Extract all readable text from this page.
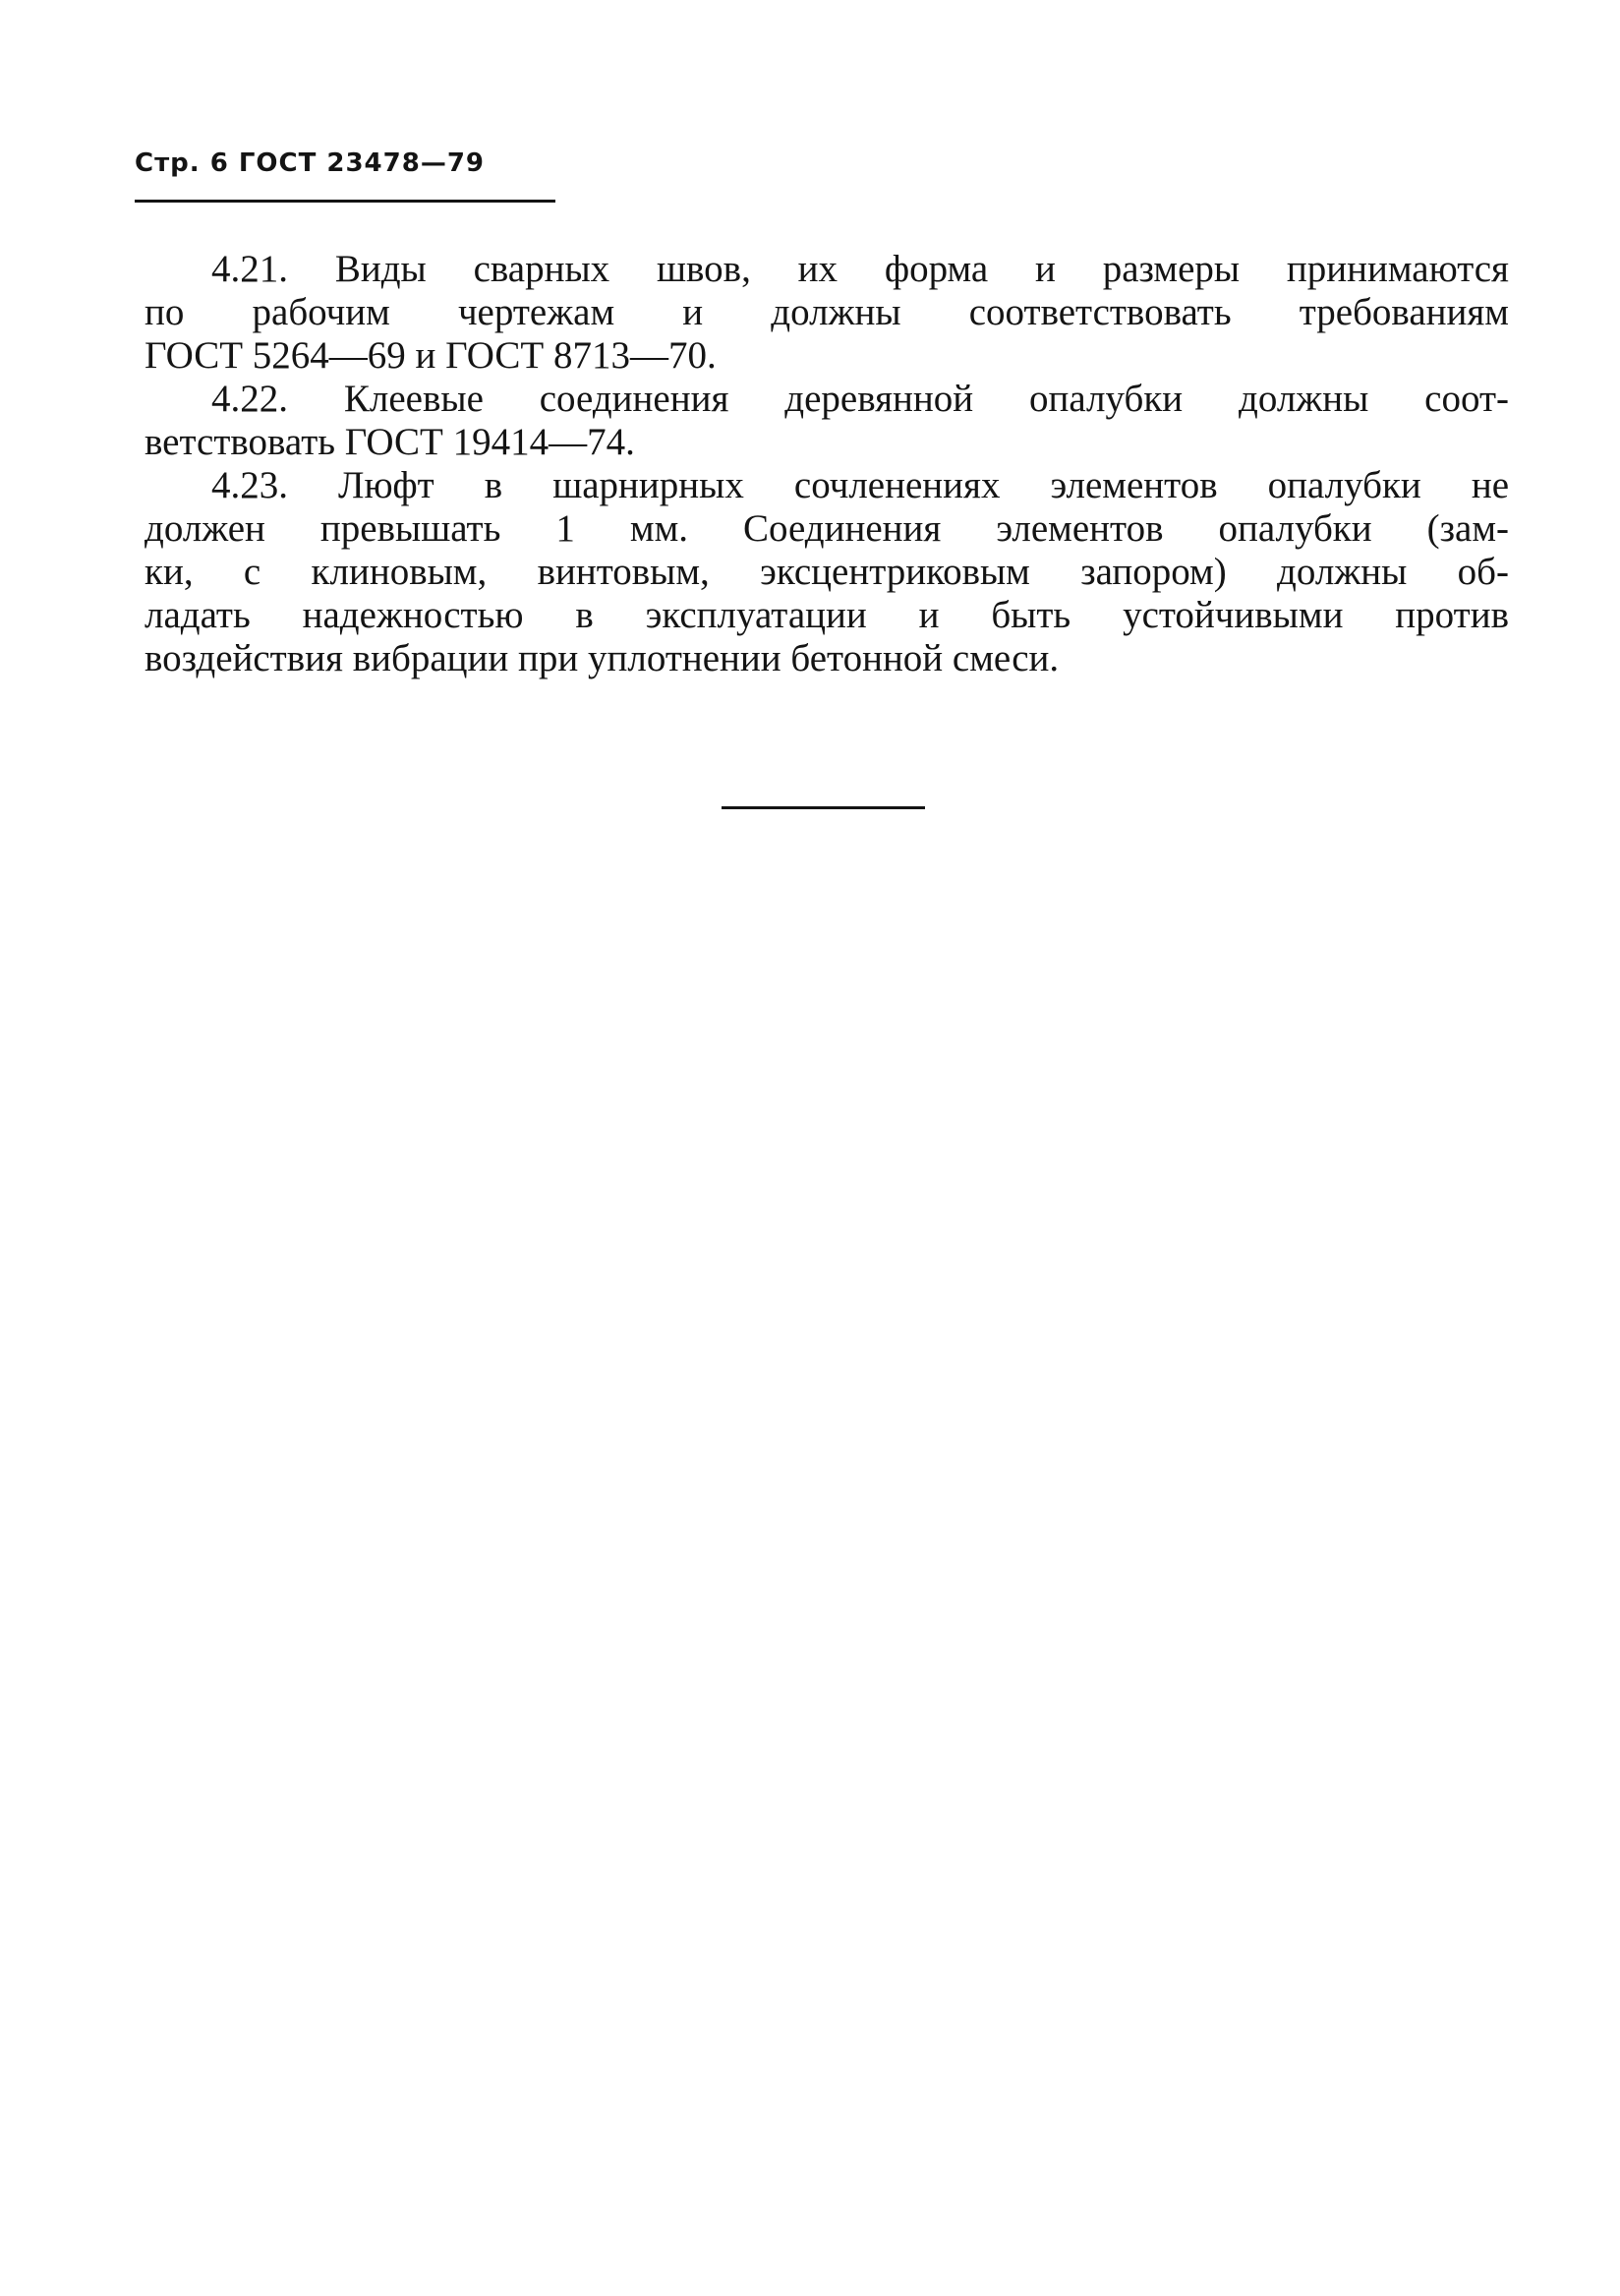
Стр. 6 ГОСТ 23478—79
4.21. Виды сварных швов, их форма и размеры принимаются
по рабочим чертежам и должны соответствовать требованиям
ГОСТ 5264—69 и ГОСТ 8713—70.
4.22. Клеевые соединения деревянной опалубки должны соот-
ветствовать ГОСТ 19414—74.
4.23. Люфт в шарнирных сочленениях элементов опалубки не
должен превышать 1 мм. Соединения элементов опалубки (зам-
ки, с клиновым, винтовым, эксцентриковым запором) должны об-
ладать надежностью в эксплуатации и быть устойчивыми против
воздействия вибрации при уплотнении бетонной смеси.
